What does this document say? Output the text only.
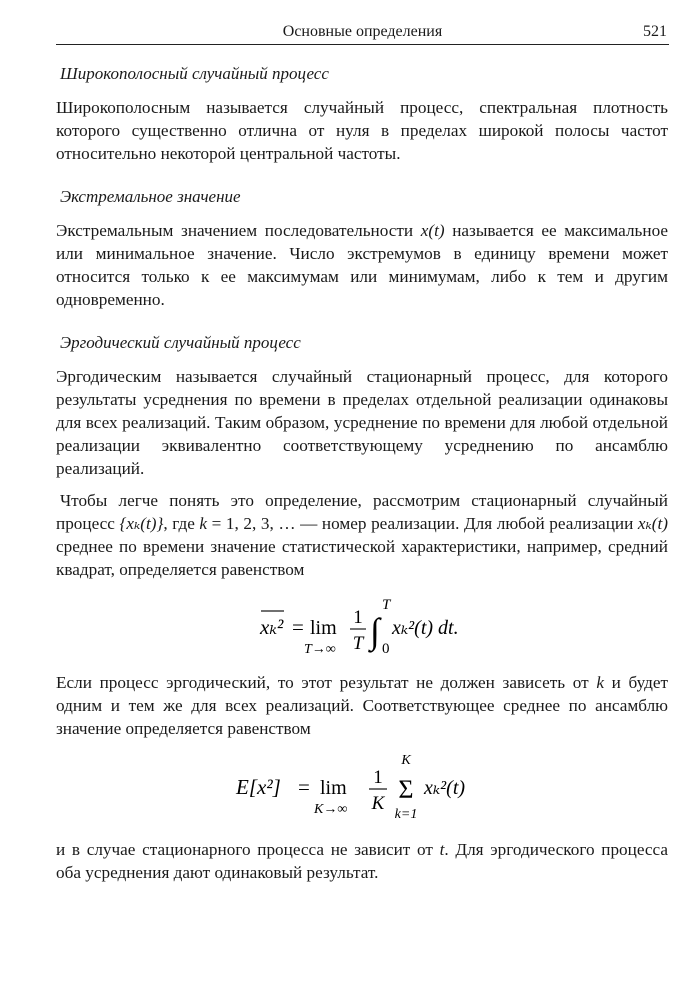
Основные определения	521
Широкополосный случайный процесс

Широкополосным называется случайный процесс, спектральная плотность которого существенно отлична от нуля в пределах широкой полосы частот относительно некоторой центральной частоты.

Экстремальное значение

Экстремальным значением последовательности x(t) называется ее максимальное или минимальное значение. Число экстремумов в единицу времени может относится только к ее максимумам или минимумам, либо к тем и другим одновременно.

Эргодический случайный процесс

Эргодическим называется случайный стационарный процесс, для которого результаты усреднения по времени в пределах отдельной реализации одинаковы для всех реализаций. Таким образом, усреднение по времени для любой отдельной реализации эквивалентно соответствующему усреднению по ансамблю реализаций.

Чтобы легче понять это определение, рассмотрим стационарный случайный процесс {xₖ(t)}, где k = 1, 2, 3, … — номер реализации. Для любой реализации xₖ(t) среднее по времени значение статистической характеристики, например, средний квадрат, определяется равенством

xₖ² = lim
T→∞
1
T ∫
T
0
xₖ²(t) dt.

Если процесс эргодический, то этот результат не должен зависеть от k и будет одним и тем же для всех реализаций. Соответствующее среднее по ансамблю значение определяется равенством

E[x²] = lim
K→∞
1
K
K
Σ
k=1
xₖ²(t)

и в случае стационарного процесса не зависит от t. Для эргодического процесса оба усреднения дают одинаковый результат.
